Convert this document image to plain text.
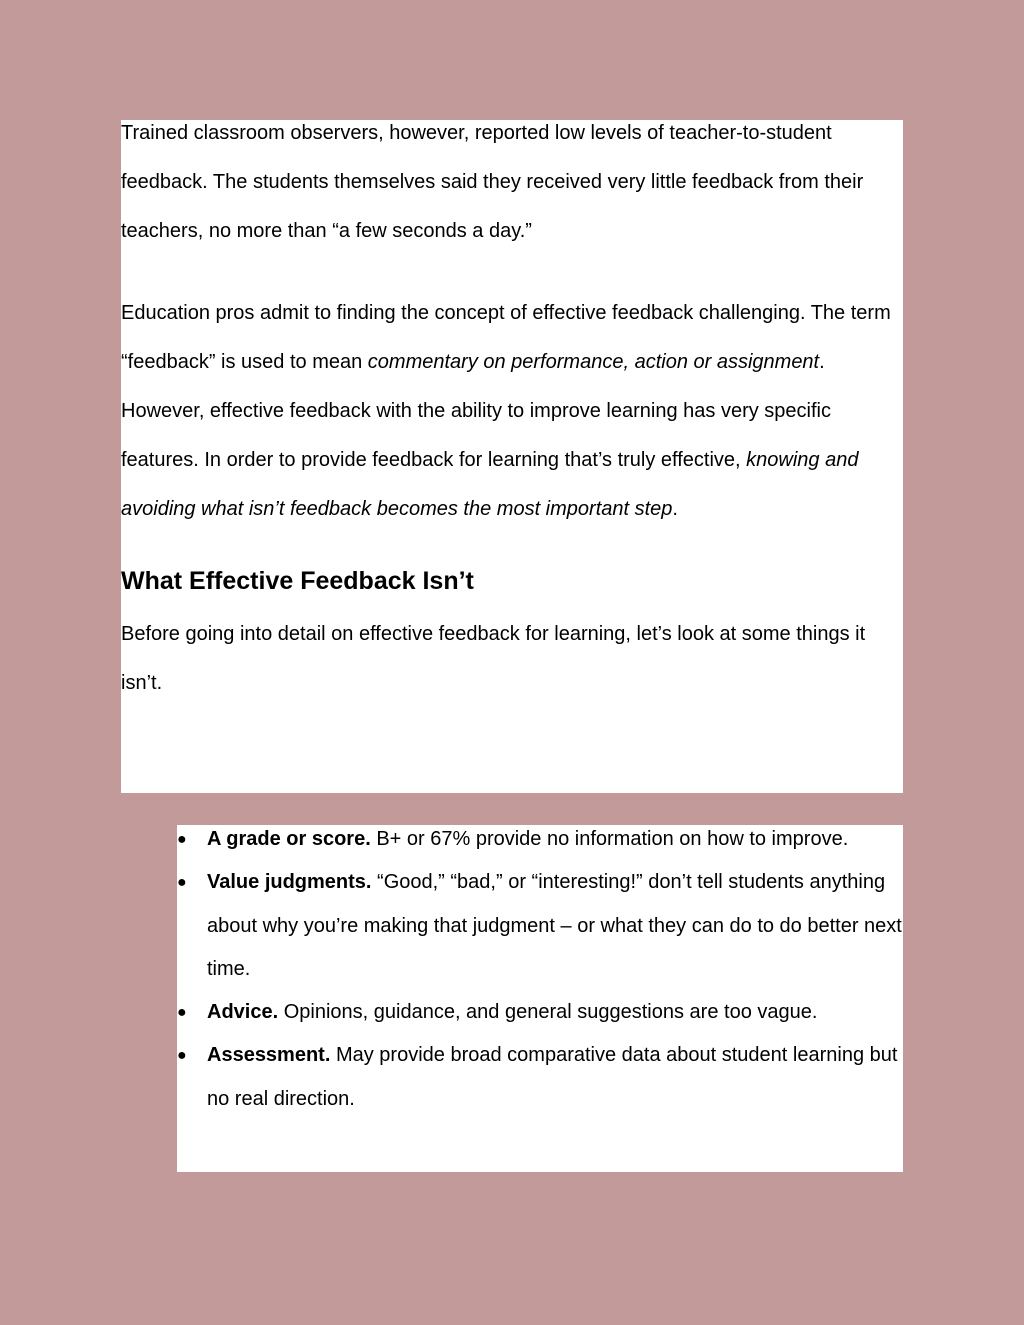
Trained classroom observers, however, reported low levels of teacher-to-student feedback. The students themselves said they received very little feedback from their teachers, no more than “a few seconds a day.”

Education pros admit to finding the concept of effective feedback challenging. The term “feedback” is used to mean commentary on performance, action or assignment. However, effective feedback with the ability to improve learning has very specific features. In order to provide feedback for learning that’s truly effective, knowing and avoiding what isn’t feedback becomes the most important step.

What Effective Feedback Isn’t

Before going into detail on effective feedback for learning, let’s look at some things it isn’t.

● A grade or score. B+ or 67% provide no information on how to improve.
● Value judgments. “Good,” “bad,” or “interesting!” don’t tell students anything about why you’re making that judgment – or what they can do to do better next time.
● Advice. Opinions, guidance, and general suggestions are too vague.
● Assessment. May provide broad comparative data about student learning but no real direction.
